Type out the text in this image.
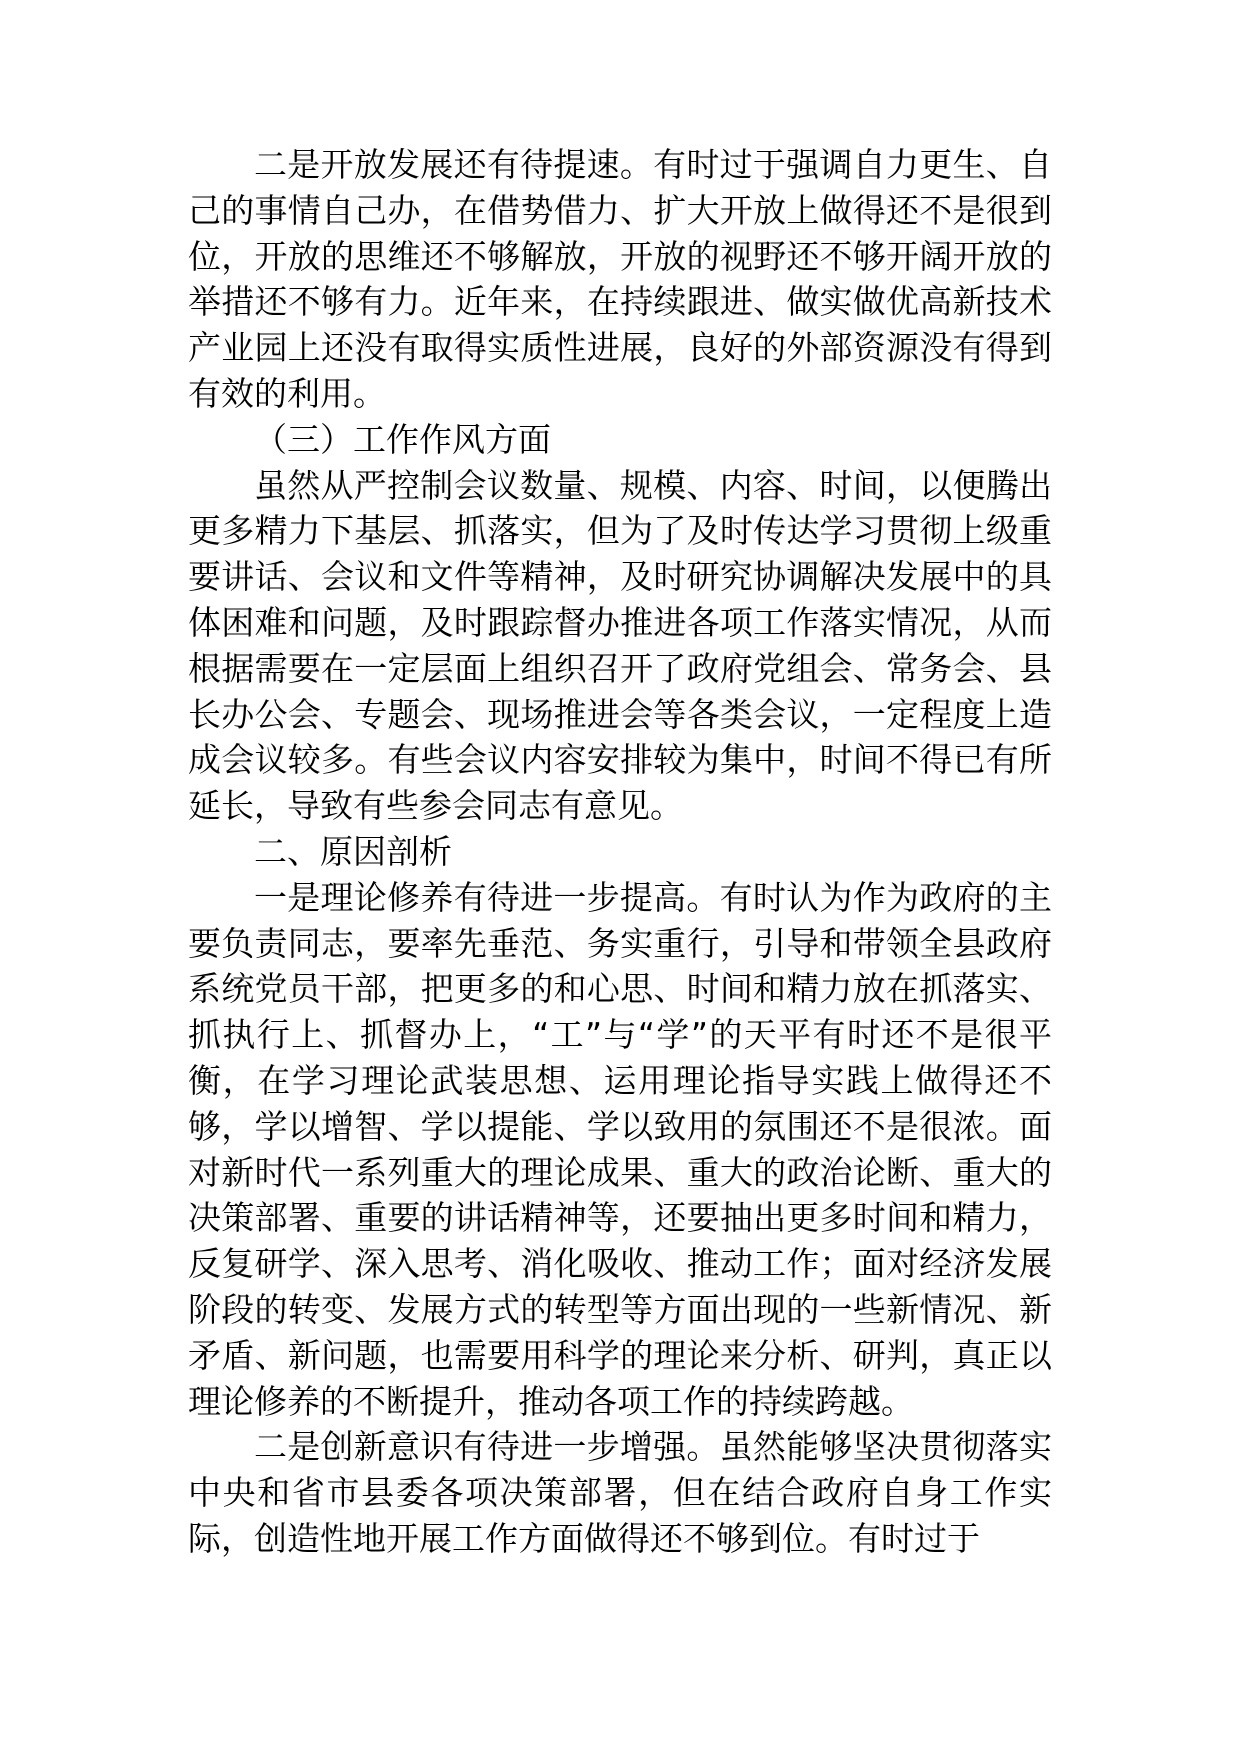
二是开放发展还有待提速。有时过于强调自力更生、自己的事情自己办，在借势借力、扩大开放上做得还不是很到位，开放的思维还不够解放，开放的视野还不够开阔开放的举措还不够有力。近年来，在持续跟进、做实做优高新技术产业园上还没有取得实质性进展，良好的外部资源没有得到有效的利用。

（三）工作作风方面

虽然从严控制会议数量、规模、内容、时间，以便腾出更多精力下基层、抓落实，但为了及时传达学习贯彻上级重要讲话、会议和文件等精神，及时研究协调解决发展中的具体困难和问题，及时跟踪督办推进各项工作落实情况，从而根据需要在一定层面上组织召开了政府党组会、常务会、县长办公会、专题会、现场推进会等各类会议，一定程度上造成会议较多。有些会议内容安排较为集中，时间不得已有所延长，导致有些参会同志有意见。

二、原因剖析

一是理论修养有待进一步提高。有时认为作为政府的主要负责同志，要率先垂范、务实重行，引导和带领全县政府系统党员干部，把更多的和心思、时间和精力放在抓落实、抓执行上、抓督办上，“工”与“学”的天平有时还不是很平衡，在学习理论武装思想、运用理论指导实践上做得还不够，学以增智、学以提能、学以致用的氛围还不是很浓。面对新时代一系列重大的理论成果、重大的政治论断、重大的决策部署、重要的讲话精神等，还要抽出更多时间和精力，反复研学、深入思考、消化吸收、推动工作；面对经济发展阶段的转变、发展方式的转型等方面出现的一些新情况、新矛盾、新问题，也需要用科学的理论来分析、研判，真正以理论修养的不断提升，推动各项工作的持续跨越。

二是创新意识有待进一步增强。虽然能够坚决贯彻落实中央和省市县委各项决策部署，但在结合政府自身工作实际，创造性地开展工作方面做得还不够到位。有时过于
